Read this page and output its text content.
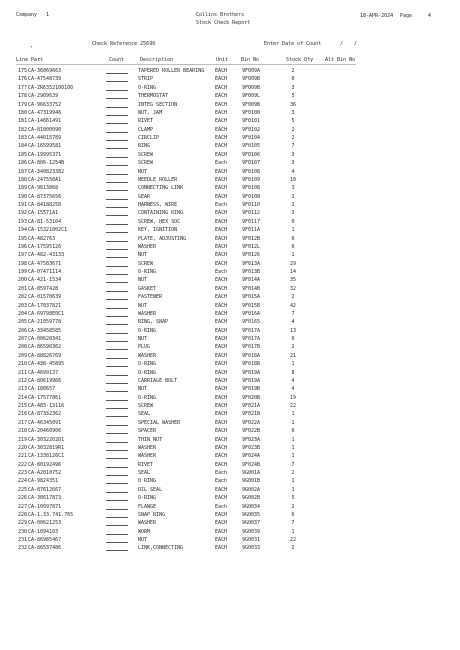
Company 1	Collins Brothers
Stock Check Report
18-APR-2024 Page	4
,	Check Reference 25690	Enter Date of Count	/ /
Line Part	Count	Description	Unit	Bin No	Stock Qty Alt Bin No
175 CA-36069663	TAPERED ROLLER BEARING EACH	9F009A	2
176 CA-47548739	STRIP	EACH	9F009B	0
177 CA-ZR6352100100	O-RING	EACH	9F009B	3
178 CA-2909639	THERMOSTAT	EACH	9F009L	5
179 CA-96633752	INTEG SECTION	EACH	9F009B	36
180 CA-47319946	NUT, JAM	EACH	9F0100	3
181 CA-14661491	RIVET	EACH	9F0101	5
182 CA-81000090	CLAMP	EACH	9F0102	2
183 CA-44015789	CIRCLIP	EACH	9F0104	2
184 CA-16599581	RING	EACH	9F0105	7
185 CA-19995371	SCREW	EACH	9F0106	3
186 CA-806-1254B	SCREW	Each	9F0107	3
187 CA-340823382	NUT	EACH	9F0108	4
188 CA-247550A1	NEEDLE ROLLER	EACH	9F0109	10
189 CA-9813868	CONNECTING LINK	EACH	9F0108	3
190 CA-87375656	GEAR	EACH	9F0108	1
191 CA-84188258	HARNESS, WIRE	Each	9F0110	1
192 CA-15571A1	CONTAINING RING	EACH	9F0112	3
193 CA-81-53104	SCREW, HEX SOC	EACH	9F0117	0
194 CA-15321002C1	KEY, IGNITION	EACH	9F011A	1
195 CA-482763	PLATE, ADJUSTING	EACH	9F012B	6
196 CA-17595126	WASHER	EACH	9F012L	6
197 CA-482-43133	NUT	EACH	9F0126	1
198 CA-47583671	SCREW	EACH	9F013A	29
199 CA-07471114	O-RING	Each	9F013B	14
200 CA-421-1534	NUT	EACH	9F014A	35
201 CA-8597428	GASKET	EACH	9F014B	32
202 CA-01570639	FASTENER	EACH	9F015A	2
203 CA-17037821	NUT	EACH	9F015B	42
204 CA-69798E0C1	WASHER	EACH	9F016A	7
205 CA-21059778	RING, SNAP	EACH	9F0165	4
206 CA-33458585	O-RING	EACH	9F017A	13
207 CA-00620341	NUT	EACH	9F017A	0
208 CA-86590362	PLUG	EACH	9F017B	2
209 CA-88826769	WASHER	EACH	9F018A	21
210 CA-438-45895	O-RING	EACH	9F018B	1
211 CA-4899137	O-RING	EACH	9F019A	8
212 CA-80619966	CARRIAGE BOLT	EACH	9F019A	4
213 CA-180657	NUT	EACH	9F019B	4
214 CA-17577861	O-RING	EACH	9F020B	19
215 CA-483-13116	SCREW	EACH	9F021A	22
216 CA-87332362	SEAL	EACH	9F021B	1
217 CA-46345091	SPECIAL WASHER	EACH	9F022A	1
218 CA-20460906	SPACER	EACH	9F022B	6
219 CA-3032202D1	THIN NUT	EACH	9F023A	1
220 CA-3032819R1	WASHER	EACH	9F023B	1
221 CA-1338126C1	WASHER	EACH	9F024A	1
222 CA-80192496	RIVET	EACH	9F024B	7
223 CA-A2010752	SEAL	Each	9G001A	2
224 CA-9824351	O RING	Each	9G001B	1
225 CA-87612667	OIL SEAL	EACH	9G002A	1
226 CA-38617873	O-RING	EACH	9G002B	5
227 CA-10097871	FLANGE	Each	9G0034	2
228 CA-1.33.741.765	SNAP RING	EACH	9G0035	6
229 CA-00621253	WASHER	EACH	9G0037	7
230 CA-1094103	WORM	EACH	9G0039	1
231 CA-86985467	NUT	EACH	9G0031	22
232 CA-86537486	LINK,CONNECTING	EACH	9G0033	2
